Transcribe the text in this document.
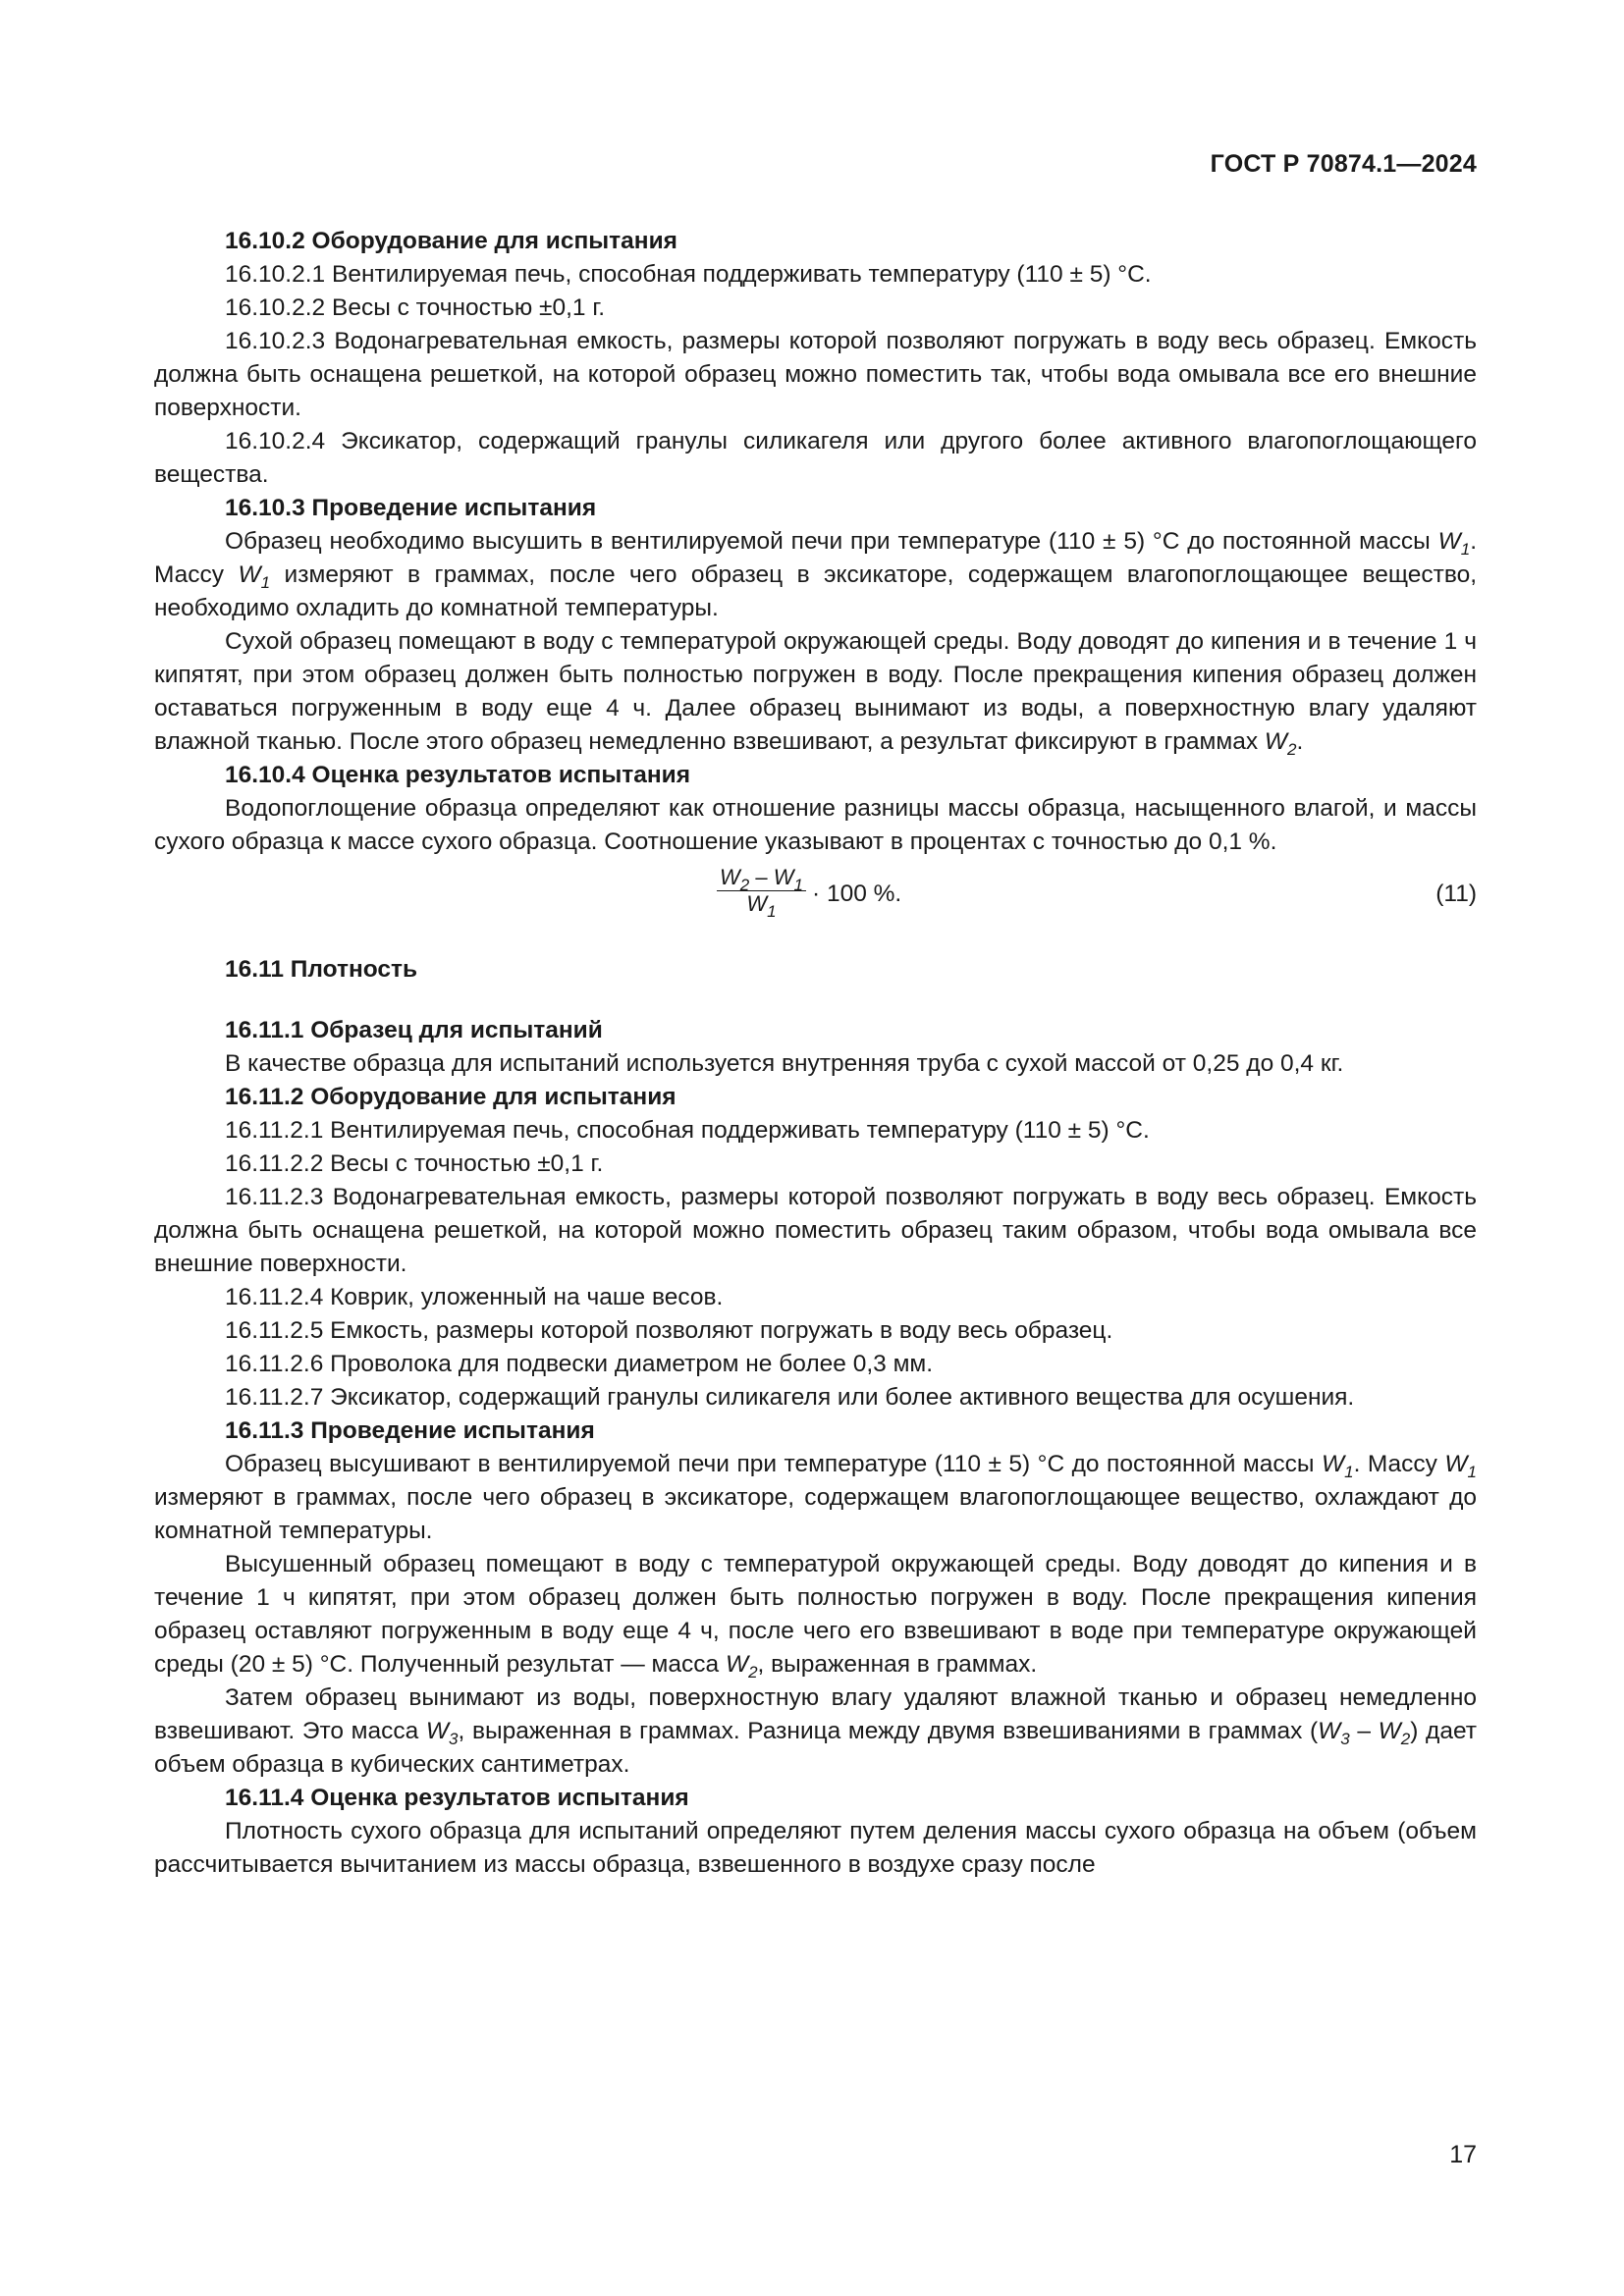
ГОСТ Р 70874.1—2024

16.10.2 Оборудование для испытания

16.10.2.1 Вентилируемая печь, способная поддерживать температуру (110 ± 5) °С.

16.10.2.2 Весы с точностью ±0,1 г.

16.10.2.3 Водонагревательная емкость, размеры которой позволяют погружать в воду весь образец. Емкость должна быть оснащена решеткой, на которой образец можно поместить так, чтобы вода омывала все его внешние поверхности.

16.10.2.4 Эксикатор, содержащий гранулы силикагеля или другого более активного влагопоглощающего вещества.

16.10.3 Проведение испытания

Образец необходимо высушить в вентилируемой печи при температуре (110 ± 5) °С до постоянной массы $W_1$. Массу $W_1$ измеряют в граммах, после чего образец в эксикаторе, содержащем влагопоглощающее вещество, необходимо охладить до комнатной температуры.

Сухой образец помещают в воду с температурой окружающей среды. Воду доводят до кипения и в течение 1 ч кипятят, при этом образец должен быть полностью погружен в воду. После прекращения кипения образец должен оставаться погруженным в воду еще 4 ч. Далее образец вынимают из воды, а поверхностную влагу удаляют влажной тканью. После этого образец немедленно взвешивают, а результат фиксируют в граммах $W_2$.

16.10.4 Оценка результатов испытания

Водопоглощение образца определяют как отношение разницы массы образца, насыщенного влагой, и массы сухого образца к массе сухого образца. Соотношение указывают в процентах с точностью до 0,1 %.

$\frac{W_2 - W_1}{W_1} \cdot 100$ %.	(11)

16.11 Плотность

16.11.1 Образец для испытаний

В качестве образца для испытаний используется внутренняя труба с сухой массой от 0,25 до 0,4 кг.

16.11.2 Оборудование для испытания

16.11.2.1 Вентилируемая печь, способная поддерживать температуру (110 ± 5) °С.

16.11.2.2 Весы с точностью ±0,1 г.

16.11.2.3 Водонагревательная емкость, размеры которой позволяют погружать в воду весь образец. Емкость должна быть оснащена решеткой, на которой можно поместить образец таким образом, чтобы вода омывала все внешние поверхности.

16.11.2.4 Коврик, уложенный на чаше весов.

16.11.2.5 Емкость, размеры которой позволяют погружать в воду весь образец.

16.11.2.6 Проволока для подвески диаметром не более 0,3 мм.

16.11.2.7 Эксикатор, содержащий гранулы силикагеля или более активного вещества для осушения.

16.11.3 Проведение испытания

Образец высушивают в вентилируемой печи при температуре (110 ± 5) °С до постоянной массы $W_1$. Массу $W_1$ измеряют в граммах, после чего образец в эксикаторе, содержащем влагопоглощающее вещество, охлаждают до комнатной температуры.

Высушенный образец помещают в воду с температурой окружающей среды. Воду доводят до кипения и в течение 1 ч кипятят, при этом образец должен быть полностью погружен в воду. После прекращения кипения образец оставляют погруженным в воду еще 4 ч, после чего его взвешивают в воде при температуре окружающей среды (20 ± 5) °С. Полученный результат — масса $W_2$, выраженная в граммах.

Затем образец вынимают из воды, поверхностную влагу удаляют влажной тканью и образец немедленно взвешивают. Это масса $W_3$, выраженная в граммах. Разница между двумя взвешиваниями в граммах $(W_3 - W_2)$ дает объем образца в кубических сантиметрах.

16.11.4 Оценка результатов испытания

Плотность сухого образца для испытаний определяют путем деления массы сухого образца на объем (объем рассчитывается вычитанием из массы образца, взвешенного в воздухе сразу после

17
